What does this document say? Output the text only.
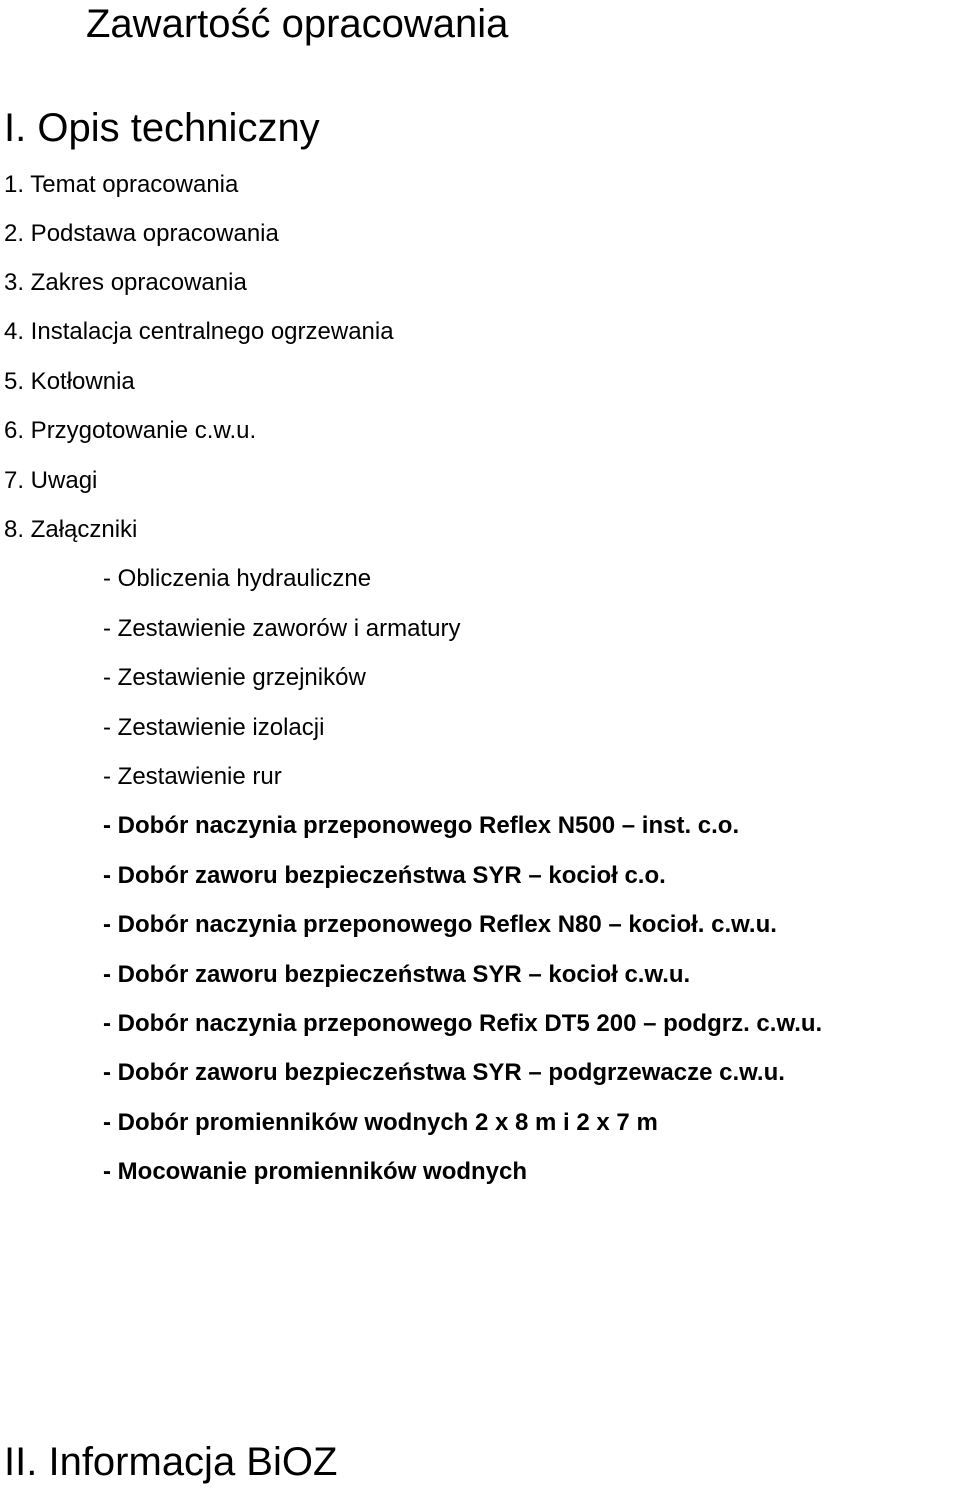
Zawartość opracowania
I. Opis techniczny
1. Temat opracowania
2. Podstawa opracowania
3. Zakres opracowania
4. Instalacja centralnego ogrzewania
5. Kotłownia
6. Przygotowanie c.w.u.
7. Uwagi
8. Załączniki
- Obliczenia hydrauliczne
- Zestawienie zaworów i armatury
- Zestawienie grzejników
- Zestawienie izolacji
- Zestawienie rur
- Dobór naczynia przeponowego Reflex N500 – inst. c.o.
- Dobór zaworu bezpieczeństwa SYR – kocioł c.o.
- Dobór naczynia przeponowego Reflex N80 – kocioł. c.w.u.
- Dobór zaworu bezpieczeństwa SYR – kocioł c.w.u.
- Dobór naczynia przeponowego Refix DT5 200 – podgrz. c.w.u.
- Dobór zaworu bezpieczeństwa SYR – podgrzewacze c.w.u.
- Dobór promienników wodnych 2 x 8 m i 2 x 7 m
- Mocowanie promienników wodnych
II. Informacja BiOZ
